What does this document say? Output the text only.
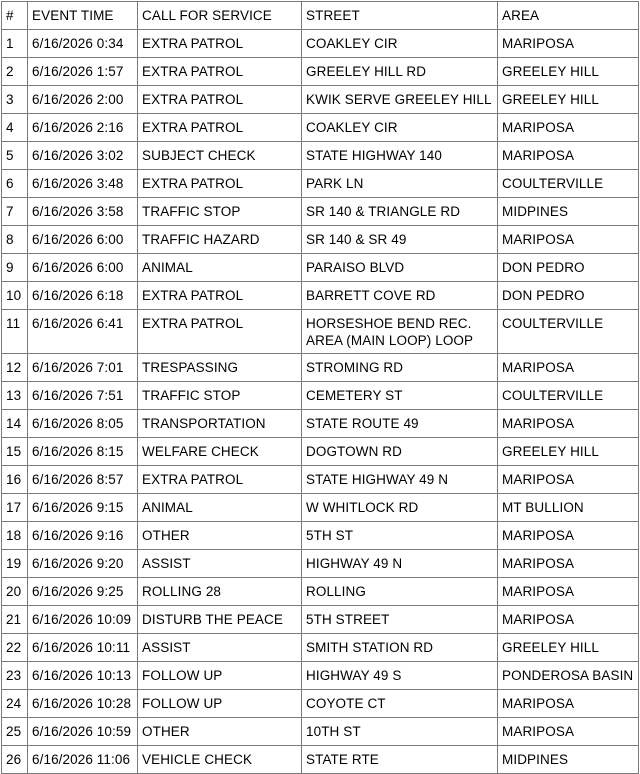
#	EVENT TIME	CALL FOR SERVICE	STREET	AREA
1	6/16/2026 0:34	EXTRA PATROL	COAKLEY CIR	MARIPOSA
2	6/16/2026 1:57	EXTRA PATROL	GREELEY HILL RD	GREELEY HILL
3	6/16/2026 2:00	EXTRA PATROL	KWIK SERVE GREELEY HILL	GREELEY HILL
4	6/16/2026 2:16	EXTRA PATROL	COAKLEY CIR	MARIPOSA
5	6/16/2026 3:02	SUBJECT CHECK	STATE HIGHWAY 140	MARIPOSA
6	6/16/2026 3:48	EXTRA PATROL	PARK LN	COULTERVILLE
7	6/16/2026 3:58	TRAFFIC STOP	SR 140 & TRIANGLE RD	MIDPINES
8	6/16/2026 6:00	TRAFFIC HAZARD	SR 140 & SR 49	MARIPOSA
9	6/16/2026 6:00	ANIMAL	PARAISO BLVD	DON PEDRO
10	6/16/2026 6:18	EXTRA PATROL	BARRETT COVE RD	DON PEDRO
11	6/16/2026 6:41	EXTRA PATROL	HORSESHOE BEND REC. AREA (MAIN LOOP) LOOP	COULTERVILLE
12	6/16/2026 7:01	TRESPASSING	STROMING RD	MARIPOSA
13	6/16/2026 7:51	TRAFFIC STOP	CEMETERY ST	COULTERVILLE
14	6/16/2026 8:05	TRANSPORTATION	STATE ROUTE 49	MARIPOSA
15	6/16/2026 8:15	WELFARE CHECK	DOGTOWN RD	GREELEY HILL
16	6/16/2026 8:57	EXTRA PATROL	STATE HIGHWAY 49 N	MARIPOSA
17	6/16/2026 9:15	ANIMAL	W WHITLOCK RD	MT BULLION
18	6/16/2026 9:16	OTHER	5TH ST	MARIPOSA
19	6/16/2026 9:20	ASSIST	HIGHWAY 49 N	MARIPOSA
20	6/16/2026 9:25	ROLLING 28	ROLLING	MARIPOSA
21	6/16/2026 10:09	DISTURB THE PEACE	5TH STREET	MARIPOSA
22	6/16/2026 10:11	ASSIST	SMITH STATION RD	GREELEY HILL
23	6/16/2026 10:13	FOLLOW UP	HIGHWAY 49 S	PONDEROSA BASIN
24	6/16/2026 10:28	FOLLOW UP	COYOTE CT	MARIPOSA
25	6/16/2026 10:59	OTHER	10TH ST	MARIPOSA
26	6/16/2026 11:06	VEHICLE CHECK	STATE RTE	MIDPINES
